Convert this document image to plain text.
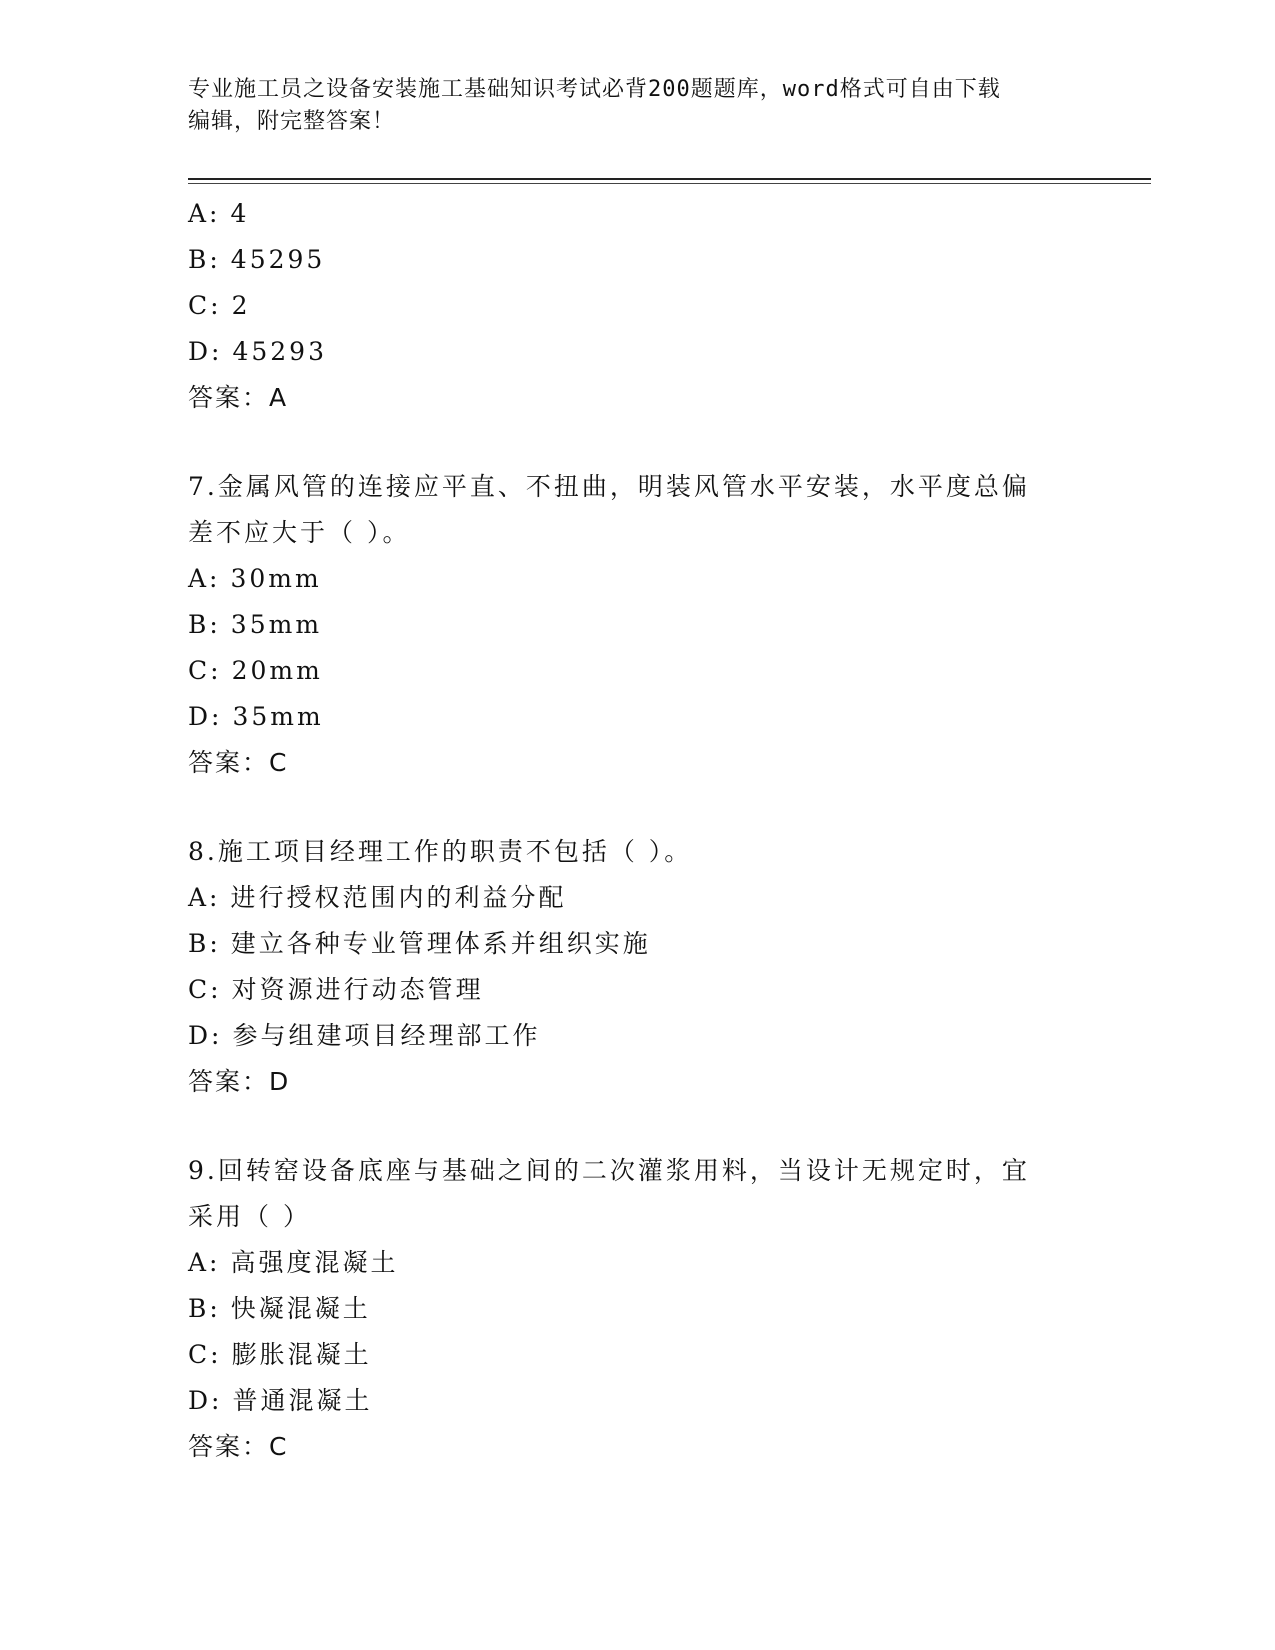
专业施工员之设备安装施工基础知识考试必背200题题库，word格式可自由下载
编辑，附完整答案！
A: 4
B: 45295
C: 2
D: 45293
答案：A
7.金属风管的连接应平直、不扭曲，明装风管水平安装，水平度总偏
差不应大于（ ）。
A: 30mm
B: 35mm
C: 20mm
D: 35mm
答案：C
8.施工项目经理工作的职责不包括（ ）。
A: 进行授权范围内的利益分配
B: 建立各种专业管理体系并组织实施
C: 对资源进行动态管理
D: 参与组建项目经理部工作
答案：D
9.回转窑设备底座与基础之间的二次灌浆用料，当设计无规定时，宜
采用（ ）
A: 高强度混凝土
B: 快凝混凝土
C: 膨胀混凝土
D: 普通混凝土
答案：C
